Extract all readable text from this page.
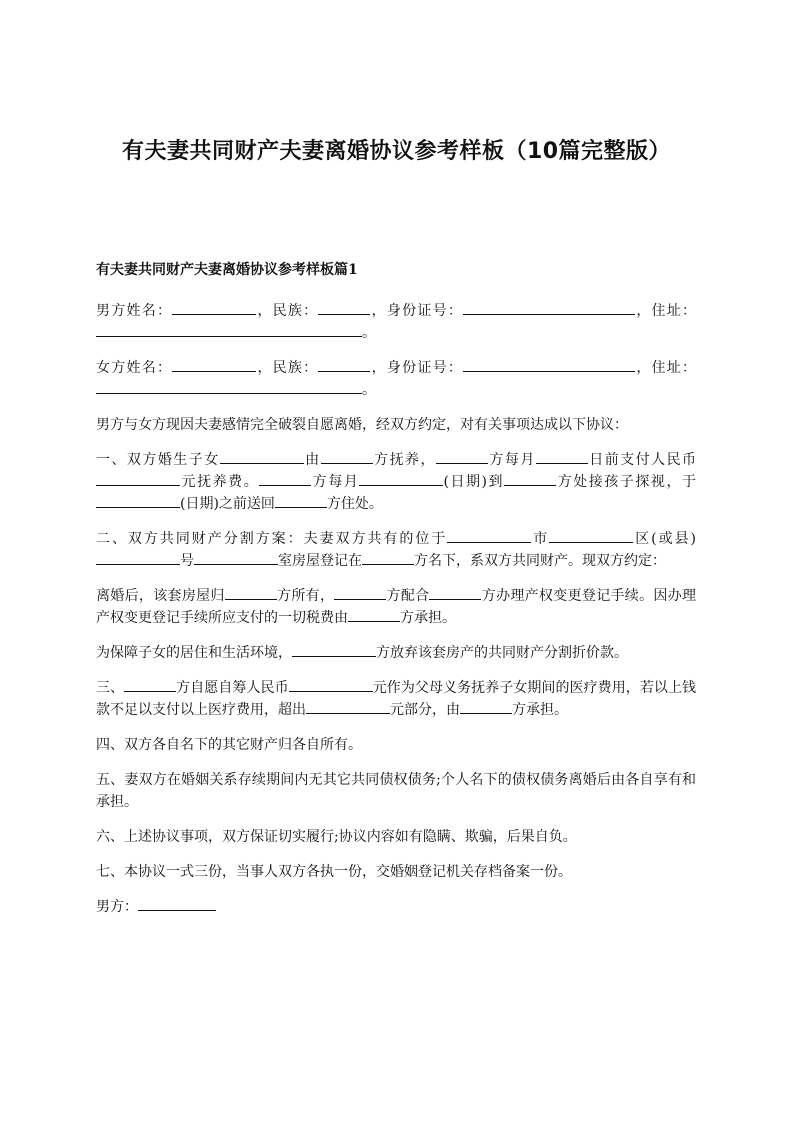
有夫妻共同财产夫妻离婚协议参考样板（10篇完整版）
有夫妻共同财产夫妻离婚协议参考样板篇1

男方姓名：	，民族：	，身份证号：	，住址：。

女方姓名：	，民族：	，身份证号：	，住址：。

男方与女方现因夫妻感情完全破裂自愿离婚，经双方约定，对有关事项达成以下协议：

一、双方婚生子女	由	方抚养，	方每月	日前支付人民币元抚养费。	方每月	(日期)到	方处接孩子探视，于(日期)之前送回	方住处。

二、双方共同财产分割方案：夫妻双方共有的位于	市	区(或县)号	室房屋登记在	方名下，系双方共同财产。现双方约定：

离婚后，该套房屋归	方所有，	方配合	方办理产权变更登记手续。因办理产权变更登记手续所应支付的一切税费由	方承担。

为保障子女的居住和生活环境，	方放弃该套房产的共同财产分割折价款。

三、	方自愿自筹人民币	元作为父母义务抚养子女期间的医疗费用，若以上钱款不足以支付以上医疗费用，超出	元部分，由	方承担。

四、双方各自名下的其它财产归各自所有。

五、妻双方在婚姻关系存续期间内无其它共同债权债务;个人名下的债权债务离婚后由各自享有和承担。

六、上述协议事项，双方保证切实履行;协议内容如有隐瞒、欺骗，后果自负。

七、本协议一式三份，当事人双方各执一份，交婚姻登记机关存档备案一份。

男方：
